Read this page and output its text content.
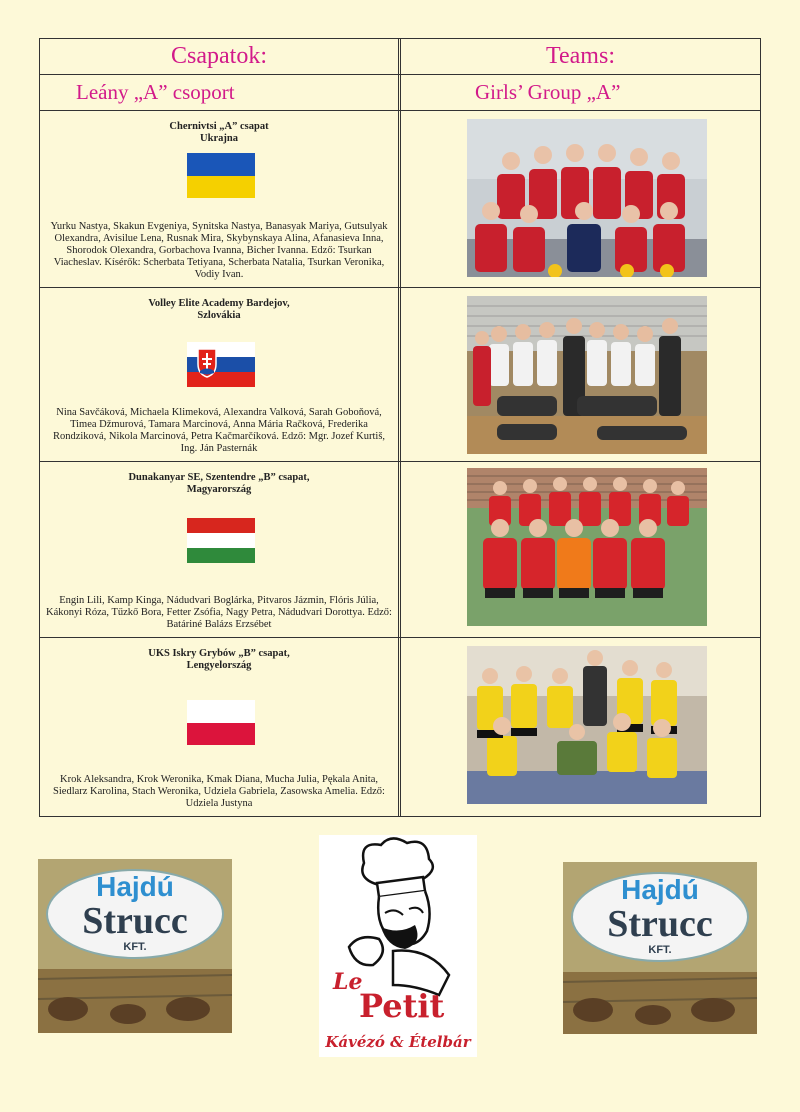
Csapatok:	Teams:
Leány „A” csoport	Girls’ Group „A”
Chernivtsi „A” csapat
Ukrajna
Yurku Nastya, Skakun Evgeniya, Synitska Nastya, Banasyak Mariya, Gutsulyak Olexandra, Avisilue Lena, Rusnak Mira, Skybynskaya Alina, Afanasieva Inna, Shorodok Olexandra, Gorbachova Ivanna, Bicher Ivanna. Edző: Tsurkan Viacheslav. Kísérők: Scherbata Tetiyana, Scherbata Natalia, Tsurkan Veronika, Vodiy Ivan.
Volley Elite Academy Bardejov,
Szlovákia
Nina Savčáková, Michaela Klimeková, Alexandra Valková, Sarah Goboňová, Timea Džmurová, Tamara Marcinová, Anna Mária Račková, Frederika Rondziková, Nikola Marcinová, Petra Kačmarčíková. Edző: Mgr. Jozef Kurtiš, Ing. Ján Pasternák
Dunakanyar SE, Szentendre „B” csapat,
Magyarország
Engin Lili, Kamp Kinga, Nádudvari Boglárka, Pitvaros Jázmin, Flóris Júlia, Kákonyi Róza, Tűzkő Bora, Fetter Zsófia, Nagy Petra, Nádudvari Dorottya. Edző: Batáriné Balázs Erzsébet
UKS Iskry Grybów „B” csapat,
Lengyelország
Krok Aleksandra, Krok Weronika, Kmak Diana, Mucha Julia, Pękala Anita, Siedlarz Karolina, Stach Weronika, Udziela Gabriela, Zasowska Amelia. Edző: Udziela Justyna
Hajdú
Strucc
KFT.
Le
Petit
Kávézó & Ételbár
Hajdú
Strucc
KFT.
